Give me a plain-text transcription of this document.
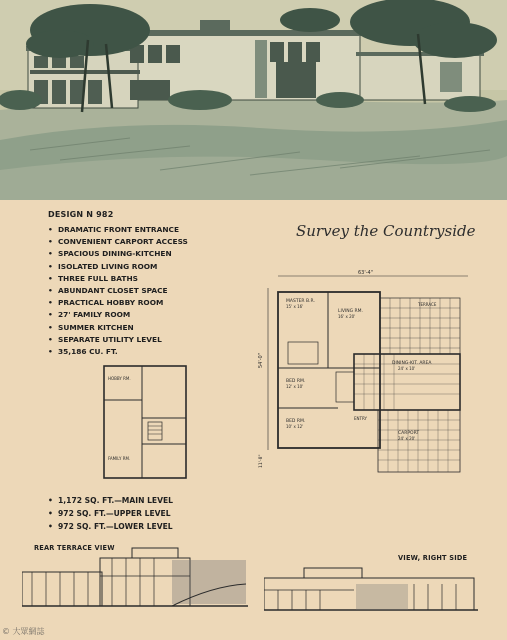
DESIGN N 982
• DRAMATIC FRONT ENTRANCE
• CONVENIENT CARPORT ACCESS
• SPACIOUS DINING-KITCHEN
• ISOLATED LIVING ROOM
• THREE FULL BATHS
• ABUNDANT CLOSET SPACE
• PRACTICAL HOBBY ROOM
• 27' FAMILY ROOM
• SUMMER KITCHEN
• SEPARATE UTILITY LEVEL
• 35,186 CU. FT.
Survey the Countryside
HOBBY RM.
FAMILY RM.
63'-4"
54'-0"
11'-8"
MASTER B.R.
15' x 16'
LIVING RM.
16' x 20'
TERRACE
BED RM.
12' x 10'
BED RM.
10' x 12'
DINING-KIT. AREA
24' x 10'
CARPORT
24' x 20'
ENTRY
• 1,172 SQ. FT.—MAIN LEVEL
• 972 SQ. FT.—UPPER LEVEL
• 972 SQ. FT.—LOWER LEVEL
REAR TERRACE VIEW
VIEW, RIGHT SIDE
© 大眾網誌
